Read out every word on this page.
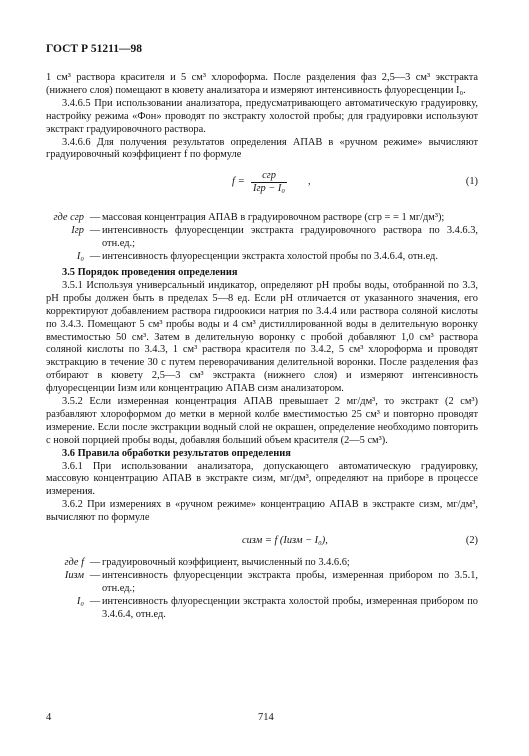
ГОСТ Р 51211—98

1 см³ раствора красителя и 5 см³ хлороформа. После разделения фаз 2,5—3 см³ экстракта (нижнего слоя) помещают в кювету анализатора и измеряют интенсивность флуоресценции I₀.

3.4.6.5 При использовании анализатора, предусматривающего автоматическую градуировку, настройку режима «Фон» проводят по экстракту холостой пробы; для градуировки используют экстракт градуировочного раствора.

3.4.6.6 Для получения результатов определения АПАВ в «ручном режиме» вычисляют градуировочный коэффициент f по формуле

f =
cгр
Iгр − I₀
,	(1)
где cгр — массовая концентрация АПАВ в градуировочном растворе (cгр = = 1 мг/дм³);
Iгр — интенсивность флуоресценции экстракта градуировочного раствора по 3.4.6.3, отн.ед.;
I₀ — интенсивность флуоресценции экстракта холостой пробы по 3.4.6.4, отн.ед.

3.5 Порядок проведения определения

3.5.1 Используя универсальный индикатор, определяют pH пробы воды, отобранной по 3.3, pH пробы должен быть в пределах 5—8 ед. Если pH отличается от указанного значения, его корректируют добавлением раствора гидроокиси натрия по 3.4.4 или раствора соляной кислоты по 3.4.3. Помещают 5 см³ пробы воды и 4 см³ дистиллированной воды в делительную воронку вместимостью 50 см³. Затем в делительную воронку с пробой добавляют 1,0 см³ раствора соляной кислоты по 3.4.3, 1 см³ раствора красителя по 3.4.2, 5 см³ хлороформа и проводят экстракцию в течение 30 с путем переворачивания делительной воронки. После разделения фаз отбирают в кювету 2,5—3 см³ экстракта (нижнего слоя) и измеряют интенсивность флуоресценции Iизм или концентрацию АПАВ cизм анализатором.

3.5.2 Если измеренная концентрация АПАВ превышает 2 мг/дм³, то экстракт (2 см³) разбавляют хлороформом до метки в мерной колбе вместимостью 25 см³ и повторно проводят измерение. Если после экстракции водный слой не окрашен, определение необходимо повторить с новой порцией пробы воды, добавляя больший объем красителя (2—5 см³).

3.6 Правила обработки результатов определения

3.6.1 При использовании анализатора, допускающего автоматическую градуировку, массовую концентрацию АПАВ в экстракте cизм, мг/дм³, определяют на приборе в процессе измерения.

3.6.2 При измерениях в «ручном режиме» концентрацию АПАВ в экстракте cизм, мг/дм³, вычисляют по формуле

cизм = f (Iизм − I₀),	(2)
где f — градуировочный коэффициент, вычисленный по 3.4.6.6;
Iизм — интенсивность флуоресценции экстракта пробы, измеренная прибором по 3.5.1, отн.ед.;
I₀ — интенсивность флуоресценции экстракта холостой пробы, измеренная прибором по 3.4.6.4, отн.ед.
4	714
